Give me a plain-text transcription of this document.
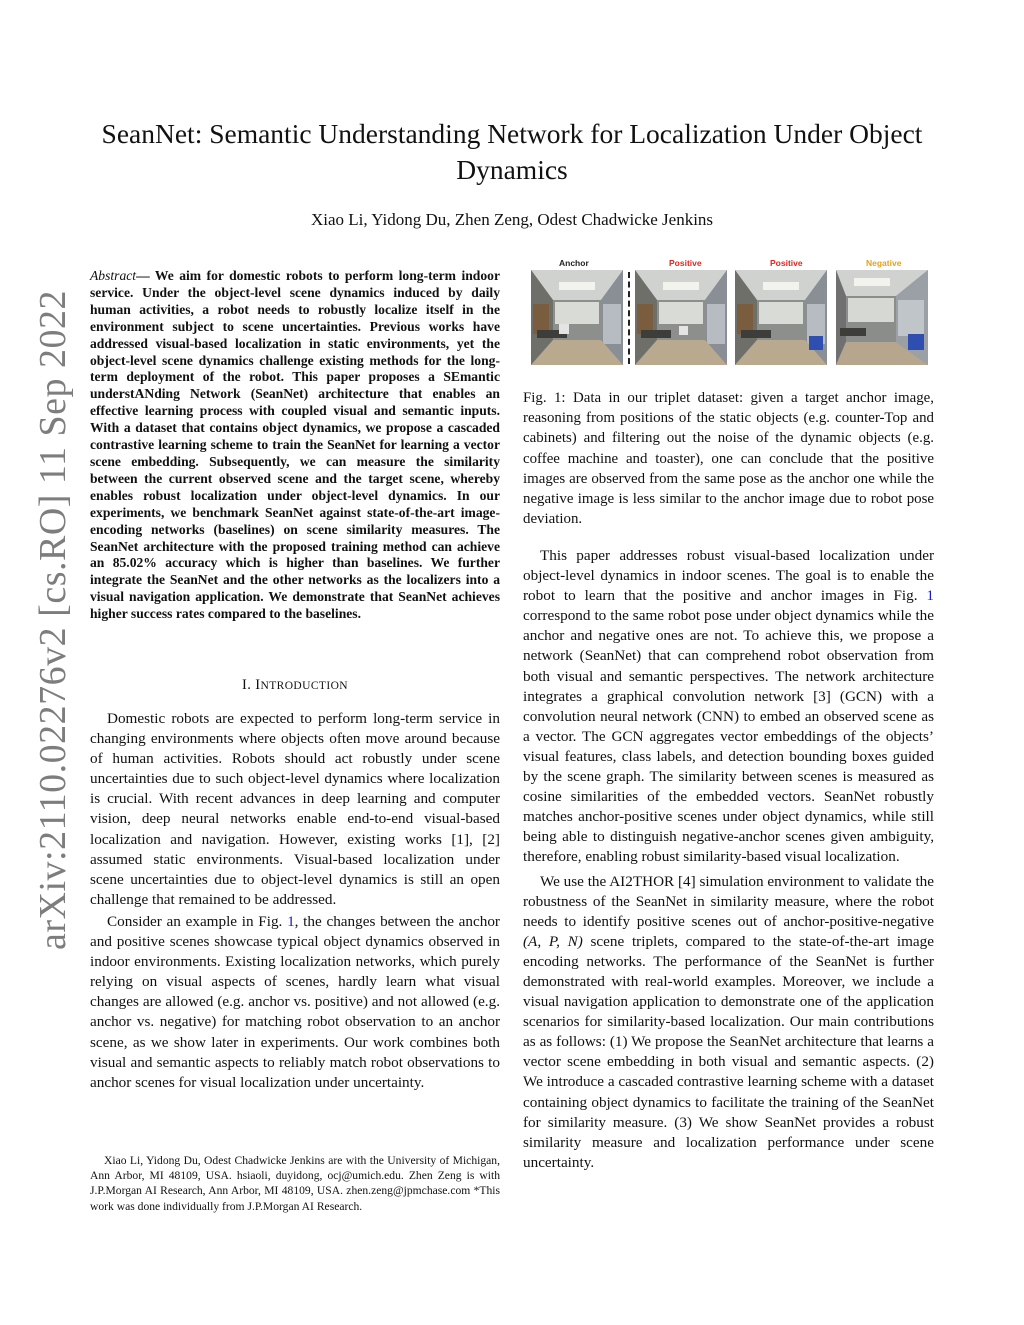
arXiv:2110.02276v2 [cs.RO] 11 Sep 2022
SeanNet: Semantic Understanding Network for Localization Under Object Dynamics
Xiao Li, Yidong Du, Zhen Zeng, Odest Chadwicke Jenkins
Abstract— We aim for domestic robots to perform long-term indoor service. Under the object-level scene dynamics induced by daily human activities, a robot needs to robustly localize itself in the environment subject to scene uncertainties. Previous works have addressed visual-based localization in static environments, yet the object-level scene dynamics challenge existing methods for the long-term deployment of the robot. This paper proposes a SEmantic understANding Network (SeanNet) architecture that enables an effective learning process with coupled visual and semantic inputs. With a dataset that contains object dynamics, we propose a cascaded contrastive learning scheme to train the SeanNet for learning a vector scene embedding. Subsequently, we can measure the similarity between the current observed scene and the target scene, whereby enables robust localization under object-level dynamics. In our experiments, we benchmark SeanNet against state-of-the-art image-encoding networks (baselines) on scene similarity measures. The SeanNet architecture with the proposed training method can achieve an 85.02% accuracy which is higher than baselines. We further integrate the SeanNet and the other networks as the localizers into a visual navigation application. We demonstrate that SeanNet achieves higher success rates compared to the baselines.
I. INTRODUCTION

Domestic robots are expected to perform long-term service in changing environments where objects often move around because of human activities. Robots should act robustly under scene uncertainties due to such object-level dynamics where localization is crucial. With recent advances in deep learning and computer vision, deep neural networks enable end-to-end visual-based localization and navigation. However, existing works [1], [2] assumed static environments. Visual-based localization under scene uncertainties due to object-level dynamics is still an open challenge that remained to be addressed.

Consider an example in Fig. 1, the changes between the anchor and positive scenes showcase typical object dynamics observed in indoor environments. Existing localization networks, which purely relying on visual aspects of scenes, hardly learn what visual changes are allowed (e.g. anchor vs. positive) and not allowed (e.g. anchor vs. negative) for matching robot observation to an anchor scene, as we show later in experiments. Our work combines both visual and semantic aspects to reliably match robot observations to anchor scenes for visual localization under uncertainty.

Xiao Li, Yidong Du, Odest Chadwicke Jenkins are with the University of Michigan, Ann Arbor, MI 48109, USA. hsiaoli, duyidong, ocj@umich.edu. Zhen Zeng is with J.P.Morgan AI Research, Ann Arbor, MI 48109, USA. zhen.zeng@jpmchase.com *This work was done individually from J.P.Morgan AI Research.

Anchor	Positive	Positive	Negative
Fig. 1: Data in our triplet dataset: given a target anchor image, reasoning from positions of the static objects (e.g. counter-Top and cabinets) and filtering out the noise of the dynamic objects (e.g. coffee machine and toaster), one can conclude that the positive images are observed from the same pose as the anchor one while the negative image is less similar to the anchor image due to robot pose deviation.

This paper addresses robust visual-based localization under object-level dynamics in indoor scenes. The goal is to enable the robot to learn that the positive and anchor images in Fig. 1 correspond to the same robot pose under object dynamics while the anchor and negative ones are not. To achieve this, we propose a network (SeanNet) that can comprehend robot observation from both visual and semantic perspectives. The network architecture integrates a graphical convolution network [3] (GCN) with a convolution neural network (CNN) to embed an observed scene as a vector. The GCN aggregates vector embeddings of the objects’ visual features, class labels, and detection bounding boxes guided by the scene graph. The similarity between scenes is measured as cosine similarities of the embedded vectors. SeanNet robustly matches anchor-positive scenes under object dynamics, while still being able to distinguish negative-anchor scenes given ambiguity, therefore, enabling robust similarity-based visual localization.

We use the AI2THOR [4] simulation environment to validate the robustness of the SeanNet in similarity measure, where the robot needs to identify positive scenes out of anchor-positive-negative (A, P, N) scene triplets, compared to the state-of-the-art image encoding networks. The performance of the SeanNet is further demonstrated with real-world examples. Moreover, we include a visual navigation application to demonstrate one of the application scenarios for similarity-based localization. Our main contributions as as follows: (1) We propose the SeanNet architecture that learns a vector scene embedding in both visual and semantic aspects. (2) We introduce a cascaded contrastive learning scheme with a dataset containing object dynamics to facilitate the training of the SeanNet for similarity measure. (3) We show SeanNet provides a robust similarity measure and localization performance under scene uncertainty.
